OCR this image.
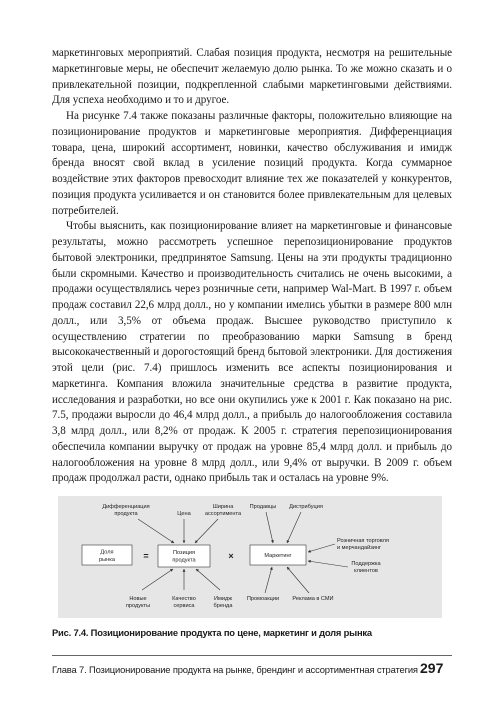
маркетинговых мероприятий. Слабая позиция продукта, несмотря на решительные маркетинговые меры, не обеспечит желаемую долю рынка. То же можно сказать и о привлекательной позиции, подкрепленной слабыми маркетинговыми действиями. Для успеха необходимо и то и другое.

На рисунке 7.4 также показаны различные факторы, положительно влияющие на позиционирование продуктов и маркетинговые мероприятия. Дифференциация товара, цена, широкий ассортимент, новинки, качество обслуживания и имидж бренда вносят свой вклад в усиление позиций продукта. Когда суммарное воздействие этих факторов превосходит влияние тех же показателей у конкурентов, позиция продукта усиливается и он становится более привлекательным для целевых потребителей.

Чтобы выяснить, как позиционирование влияет на маркетинговые и финансовые результаты, можно рассмотреть успешное перепозиционирование продуктов бытовой электроники, предпринятое Samsung. Цены на эти продукты традиционно были скромными. Качество и производительность считались не очень высокими, а продажи осуществлялись через розничные сети, например Wal-Mart. В 1997 г. объем продаж составил 22,6 млрд долл., но у компании имелись убытки в размере 800 млн долл., или 3,5% от объема продаж. Высшее руководство приступило к осуществлению стратегии по преобразованию марки Samsung в бренд высококачественный и дорогостоящий бренд бытовой электроники. Для достижения этой цели (рис. 7.4) пришлось изменить все аспекты позиционирования и маркетинга. Компания вложила значительные средства в развитие продукта, исследования и разработки, но все они окупились уже к 2001 г. Как показано на рис. 7.5, продажи выросли до 46,4 млрд долл., а прибыль до налогообложения составила 3,8 млрд долл., или 8,2% от продаж. К 2005 г. стратегия перепозиционирования обеспечила компании выручку от продаж на уровне 85,4 млрд долл. и прибыль до налогообложения на уровне 8 млрд долл., или 9,4% от выручки. В 2009 г. объем продаж продолжал расти, однако прибыль так и осталась на уровне 9%.

Доля
рынка	=	Позиция
продукта	×	Маркетинг
Дифференциация
продукта	Цена
Ширина
ассортимента
Продавцы Дистрибуция
Розничная торговля
и мерчандайзинг
Поддержка
клиентов
Новые
продукты
Качество
сервиса
Имидж
бренда
Промоакции Реклама в СМИ
Рис. 7.4. Позиционирование продукта по цене, маркетинг и доля рынка
Глава 7. Позиционирование продукта на рынке, брендинг и ассортиментная стратегия 297
